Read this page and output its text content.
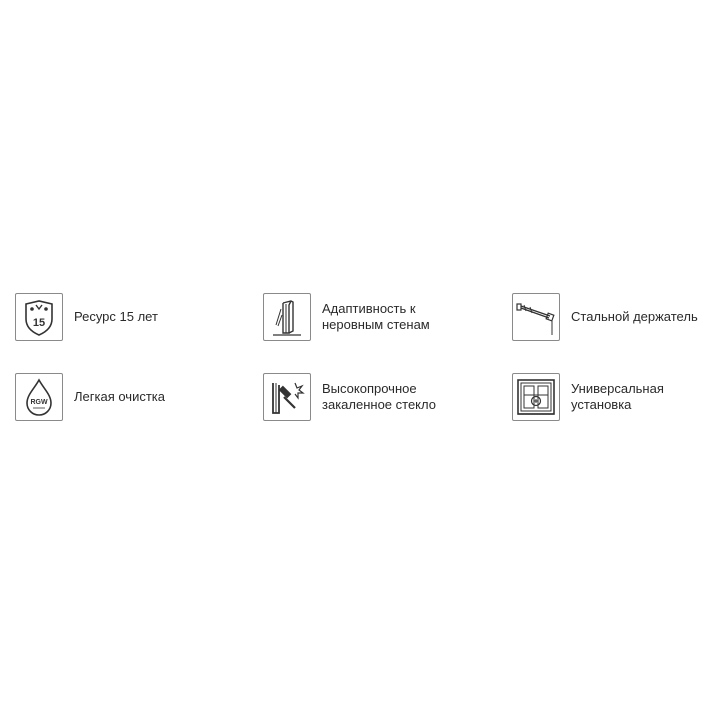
15 Ресурс 15 лет
Адаптивность к
неровным стенам
Стальной держатель
RGW Легкая очистка
Высокопрочное
закаленное стекло
Универсальная
установка
